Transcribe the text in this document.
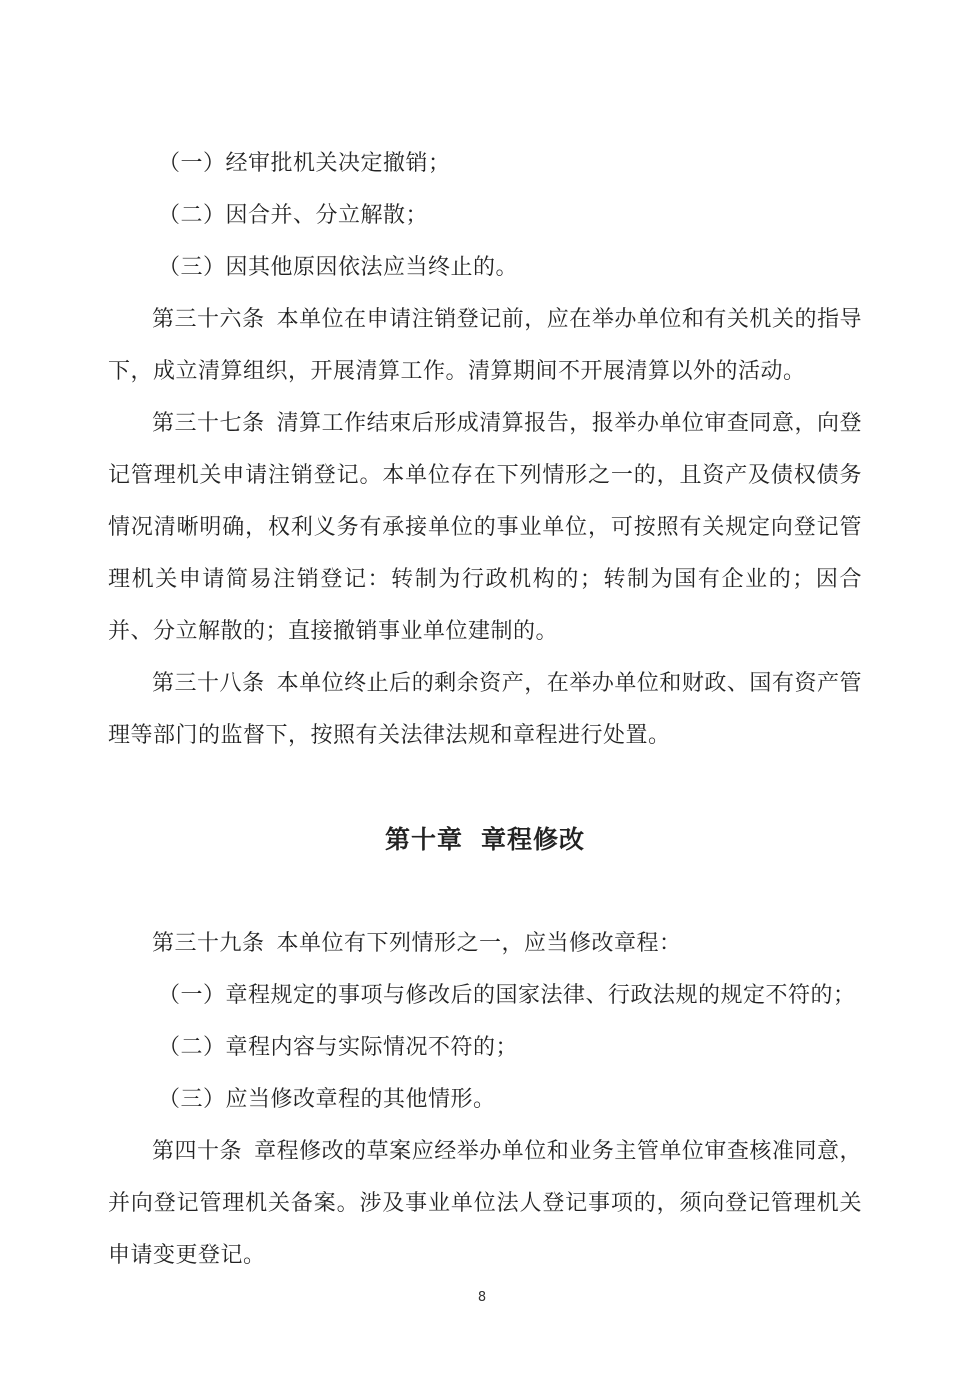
（一）经审批机关决定撤销；

（二）因合并、分立解散；

（三）因其他原因依法应当终止的。

第三十六条 本单位在申请注销登记前，应在举办单位和有关机关的指导下，成立清算组织，开展清算工作。清算期间不开展清算以外的活动。

第三十七条 清算工作结束后形成清算报告，报举办单位审查同意，向登记管理机关申请注销登记。本单位存在下列情形之一的，且资产及债权债务情况清晰明确，权利义务有承接单位的事业单位，可按照有关规定向登记管理机关申请简易注销登记：转制为行政机构的；转制为国有企业的；因合并、分立解散的；直接撤销事业单位建制的。

第三十八条 本单位终止后的剩余资产，在举办单位和财政、国有资产管理等部门的监督下，按照有关法律法规和章程进行处置。

第十章 章程修改

第三十九条 本单位有下列情形之一，应当修改章程：

（一）章程规定的事项与修改后的国家法律、行政法规的规定不符的；

（二）章程内容与实际情况不符的；

（三）应当修改章程的其他情形。

第四十条 章程修改的草案应经举办单位和业务主管单位审查核准同意，并向登记管理机关备案。涉及事业单位法人登记事项的，须向登记管理机关申请变更登记。

8
